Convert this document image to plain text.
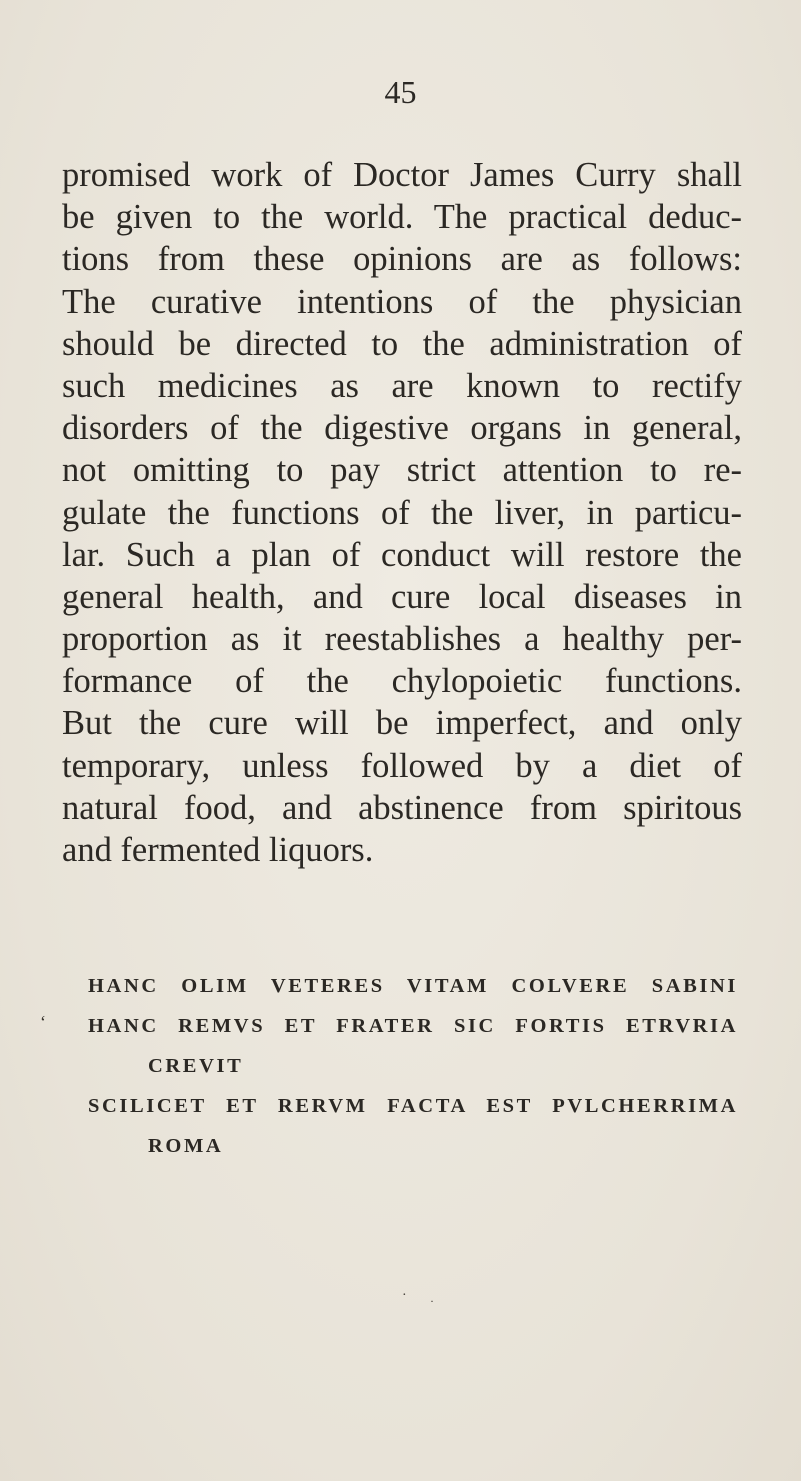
45
promised work of Doctor James Curry shall
be given to the world. The practical deduc-
tions from these opinions are as follows:
The curative intentions of the physician
should be directed to the administration of
such medicines as are known to rectify
disorders of the digestive organs in general,
not omitting to pay strict attention to re-
gulate the functions of the liver, in particu-
lar. Such a plan of conduct will restore the
general health, and cure local diseases in
proportion as it reestablishes a healthy per-
formance of the chylopoietic functions.
But the cure will be imperfect, and only
temporary, unless followed by a diet of
natural food, and abstinence from spiritous
and fermented liquors.
HANC OLIM VETERES VITAM COLVERE SABINI
HANC REMVS ET FRATER SIC FORTIS ETRVRIA
CREVIT
SCILICET ET RERVM FACTA EST PVLCHERRIMA
ROMA
‘
· ·
